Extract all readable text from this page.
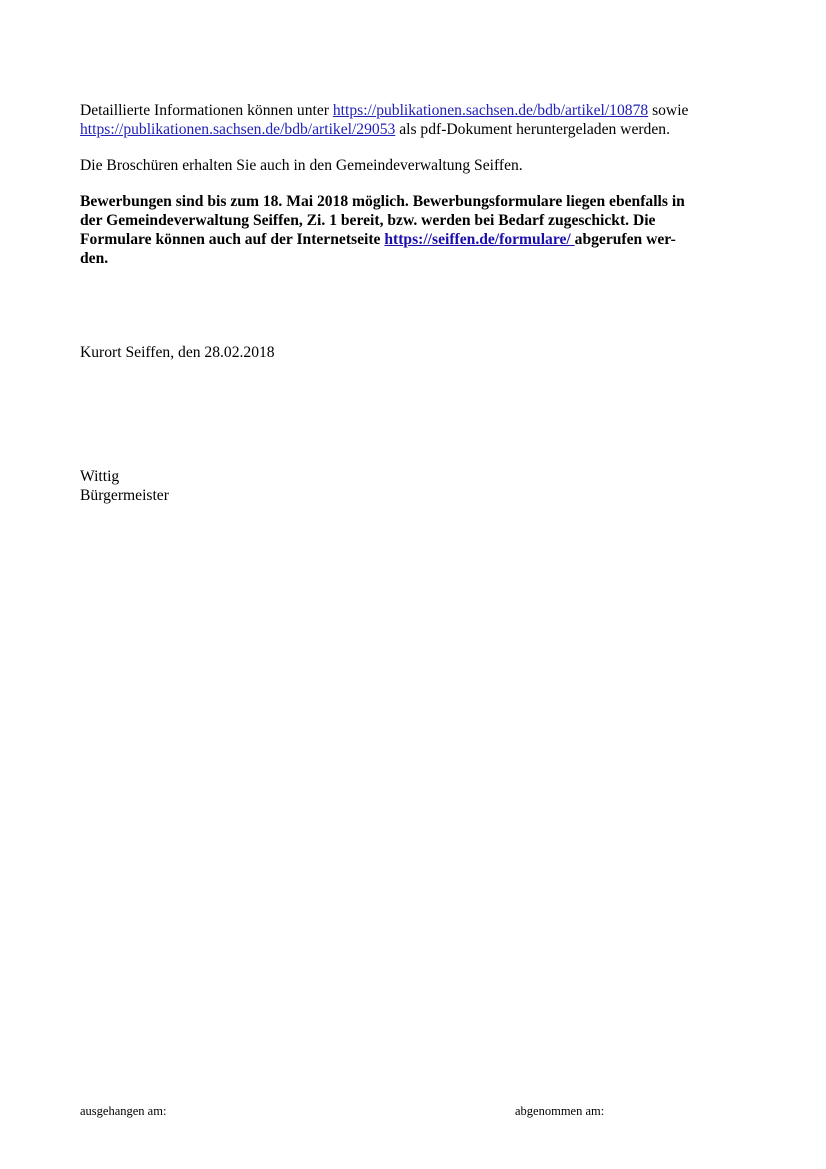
Detaillierte Informationen können unter https://publikationen.sachsen.de/bdb/artikel/10878 sowie

https://publikationen.sachsen.de/bdb/artikel/29053 als pdf-Dokument heruntergeladen werden.

Die Broschüren erhalten Sie auch in den Gemeindeverwaltung Seiffen.

Bewerbungen sind bis zum 18. Mai 2018 möglich. Bewerbungsformulare liegen ebenfalls in

der Gemeindeverwaltung Seiffen, Zi. 1 bereit, bzw. werden bei Bedarf zugeschickt. Die

Formulare können auch auf der Internetseite https://seiffen.de/formulare/ abgerufen wer-

den.

Kurort Seiffen, den 28.02.2018

Wittig

Bürgermeister

ausgehangen am:	abgenommen am:
